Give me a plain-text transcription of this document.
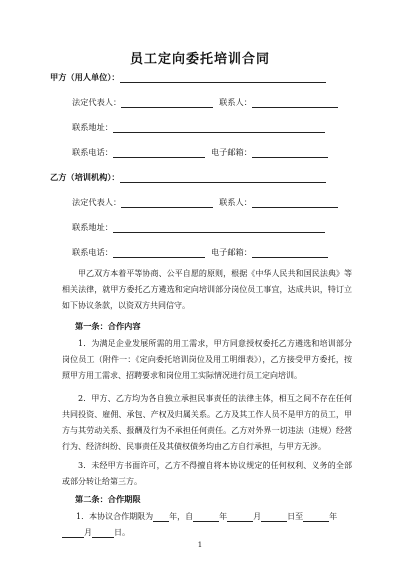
员工定向委托培训合同
甲方（用人单位）：
法定代表人：	联系人：
联系地址：
联系电话：	电子邮箱：
乙方（培训机构）：
法定代表人：	联系人：
联系地址：
联系电话：	电子邮箱：
甲乙双方本着平等协商、公平自愿的原则，根据《中华人民共和国民法典》等相关法律，就甲方委托乙方遴选和定向培训部分岗位员工事宜，达成共识，特订立如下协议条款，以资双方共同信守。
第一条：合作内容
1．为满足企业发展所需的用工需求，甲方同意授权委托乙方遴选和培训部分岗位员工（附件一：《定向委托培训岗位及用工明细表》），乙方接受甲方委托，按照甲方用工需求、招聘要求和岗位用工实际情况进行员工定向培训。
2．甲方、乙方均为各自独立承担民事责任的法律主体，相互之间不存在任何共同投资、雇佣、承包、产权及归属关系。乙方及其工作人员不是甲方的员工，甲方与其劳动关系、报酬及行为不承担任何责任。乙方对外界一切违法（违规）经营行为、经济纠纷、民事责任及其债权债务均由乙方自行承担，与甲方无涉。
3．未经甲方书面许可，乙方不得擅自将本协议规定的任何权利、义务的全部或部分转让给第三方。
第二条：合作期限
1．本协议合作期限为 年，自	年	月	日至	年
月	日。
1
